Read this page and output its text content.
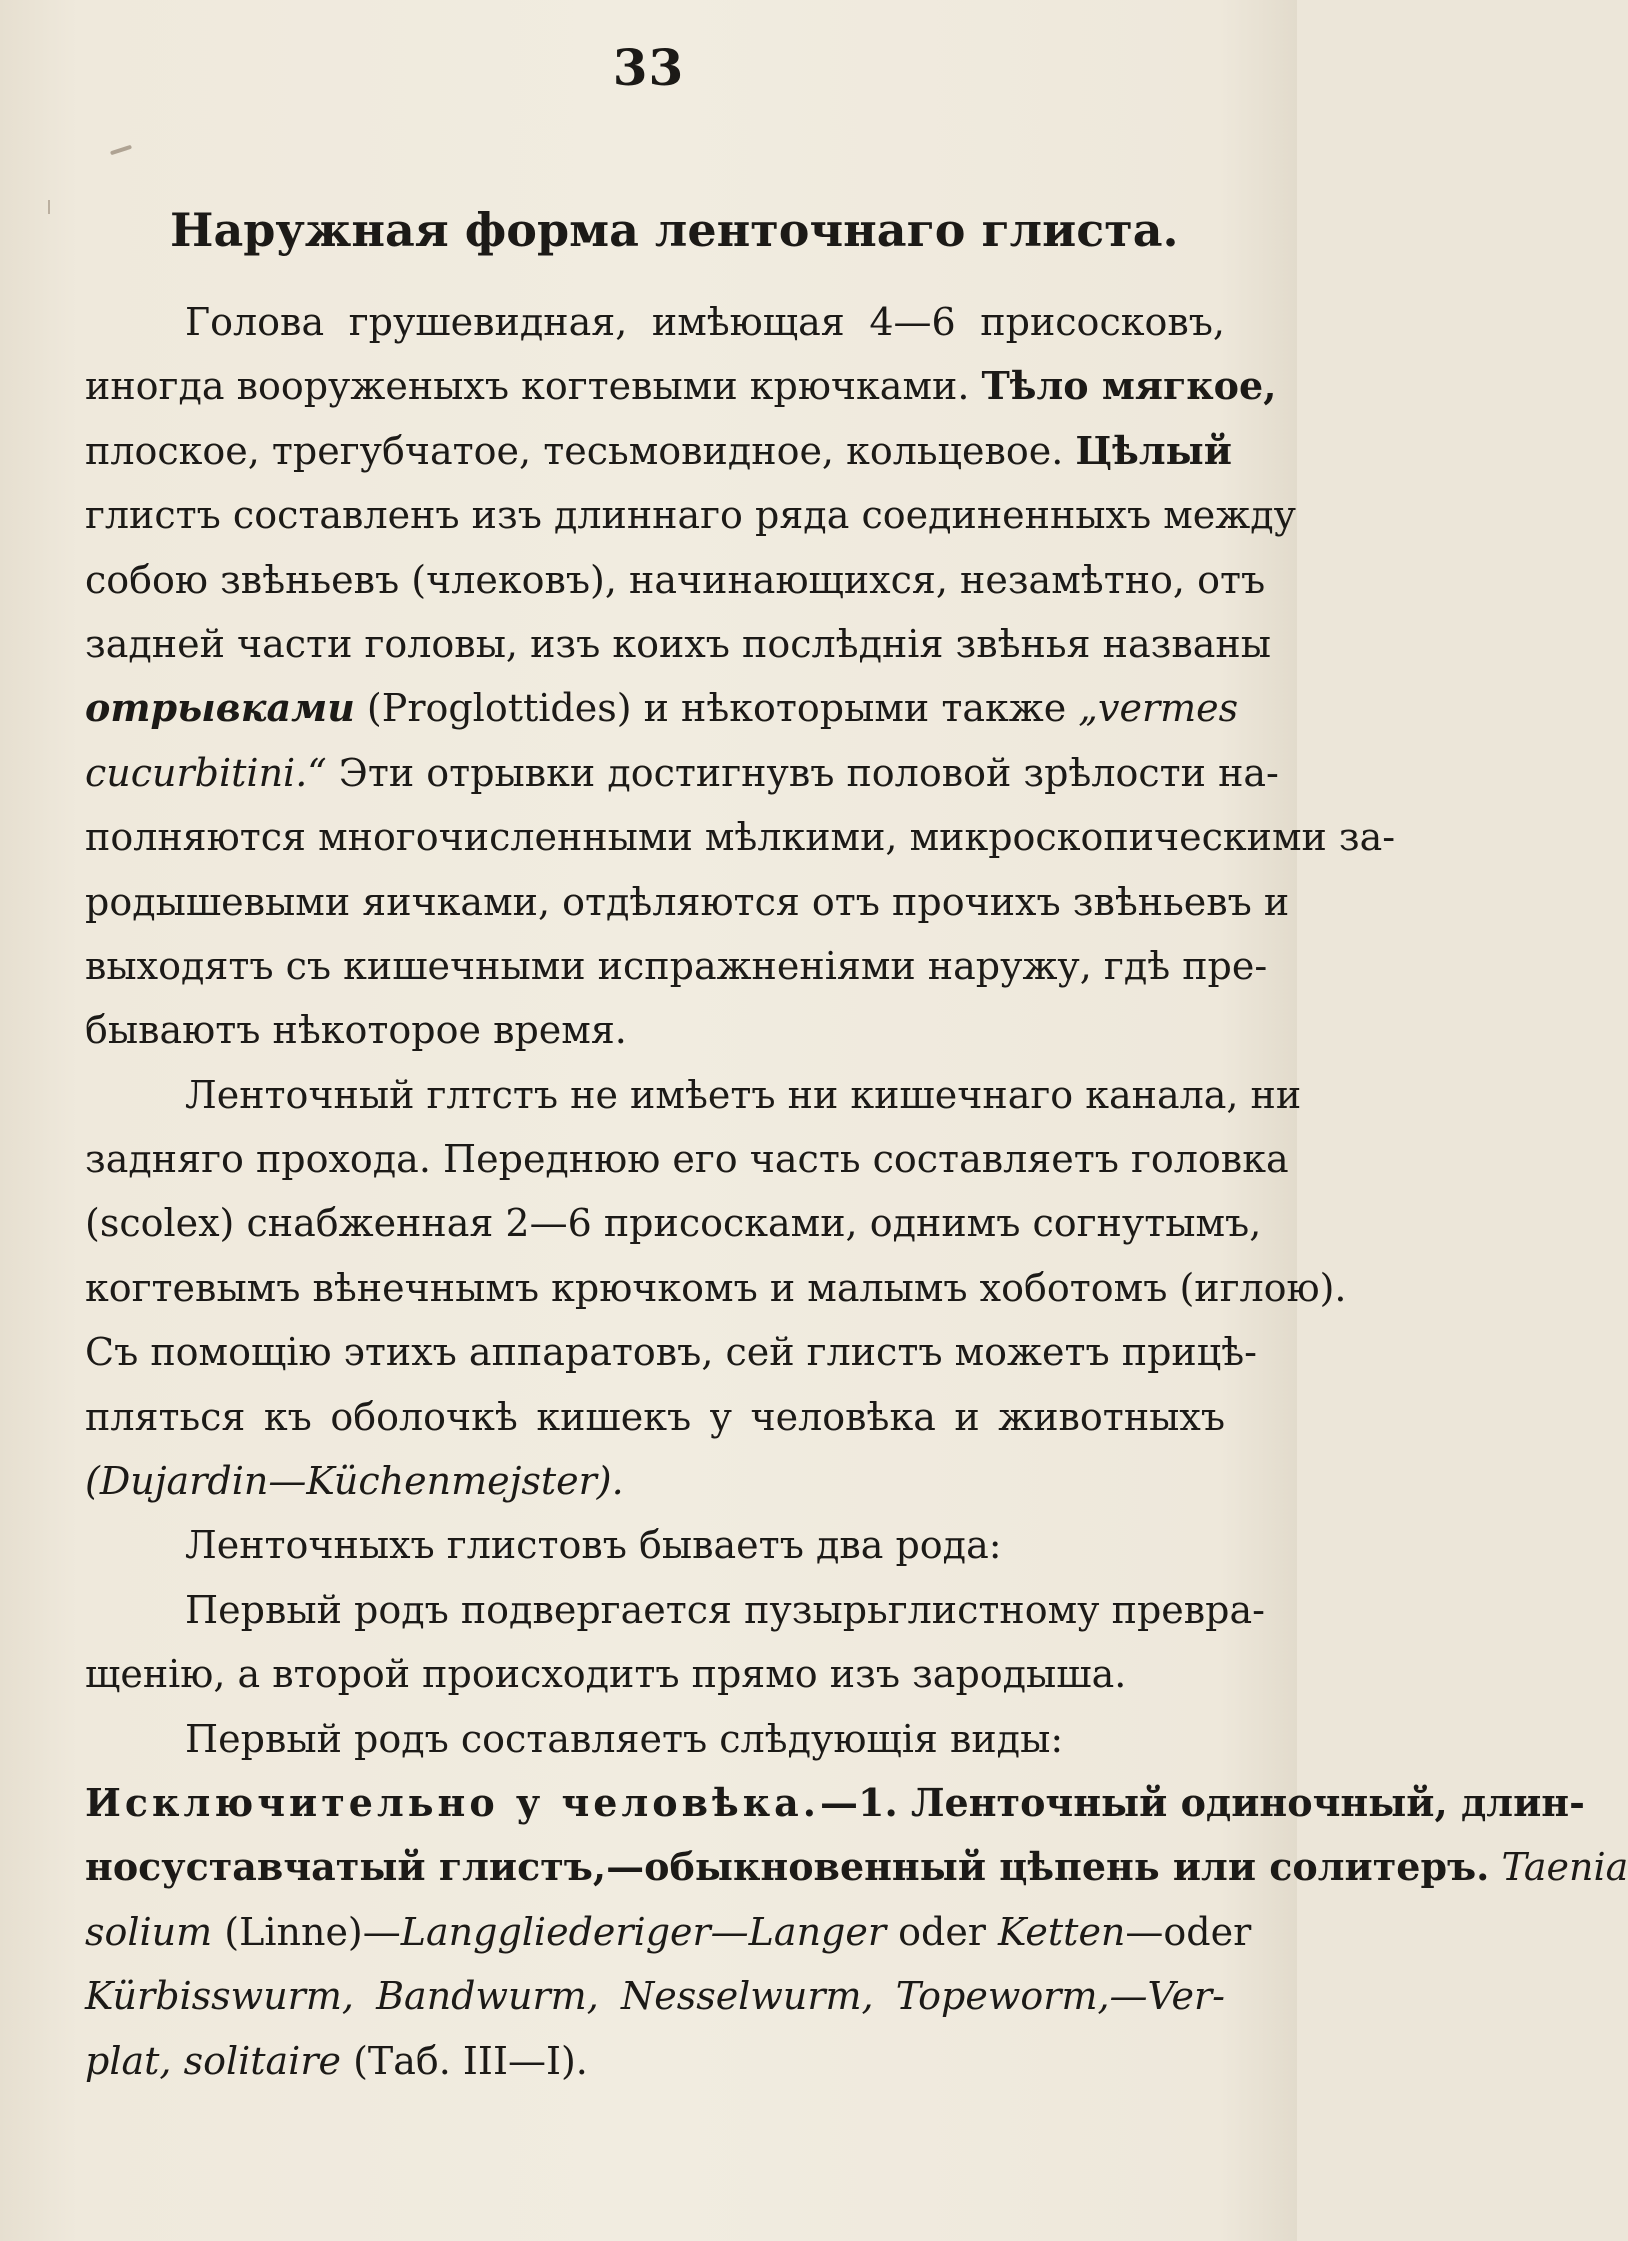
33
Наружная форма ленточнаго глиста.
Голова грушевидная, имѣющая 4—6 присосковъ,
иногда вооруженыхъ когтевыми крючками. Тѣло мягкое,
плоское, трегубчатое, тесьмовидное, кольцевое. Цѣлый
глистъ составленъ изъ длиннаго ряда соединенныхъ между
собою звѣньевъ (члековъ), начинающихся, незамѣтно, отъ
задней части головы, изъ коихъ послѣднія звѣнья названы
отрывками (Proglottides) и нѣкоторыми также „vermes
cucurbitini.“ Эти отрывки достигнувъ половой зрѣлости на-
полняются многочисленными мѣлкими, микроскопическими за-
родышевыми яичками, отдѣляются отъ прочихъ звѣньевъ и
выходятъ съ кишечными испражненіями наружу, гдѣ пре-
бываютъ нѣкоторое время.
Ленточный глтстъ не имѣетъ ни кишечнаго канала, ни
задняго прохода. Переднюю его часть составляетъ головка
(scolex) снабженная 2—6 присосками, однимъ согнутымъ,
когтевымъ вѣнечнымъ крючкомъ и малымъ хоботомъ (иглою).
Съ помощію этихъ аппаратовъ, сей глистъ можетъ прицѣ-
пляться къ оболочкѣ кишекъ у человѣка и животныхъ
(Dujardin—Küchenmejster).
Ленточныхъ глистовъ бываетъ два рода:
Первый родъ подвергается пузырьглистному превра-
щенію, а второй происходитъ прямо изъ зародыша.
Первый родъ составляетъ слѣдующія виды:
Исключительно у человѣка.—1. Ленточный одиночный, длин-
носуставчатый глистъ,—обыкновенный цѣпень или солитеръ. Taenia
solium (Linne)—Langgliederiger—Langer oder Ketten—oder
Kürbisswurm, Bandwurm, Nesselwurm, Topeworm,—Ver-
plat, solitaire (Таб. III—I).
